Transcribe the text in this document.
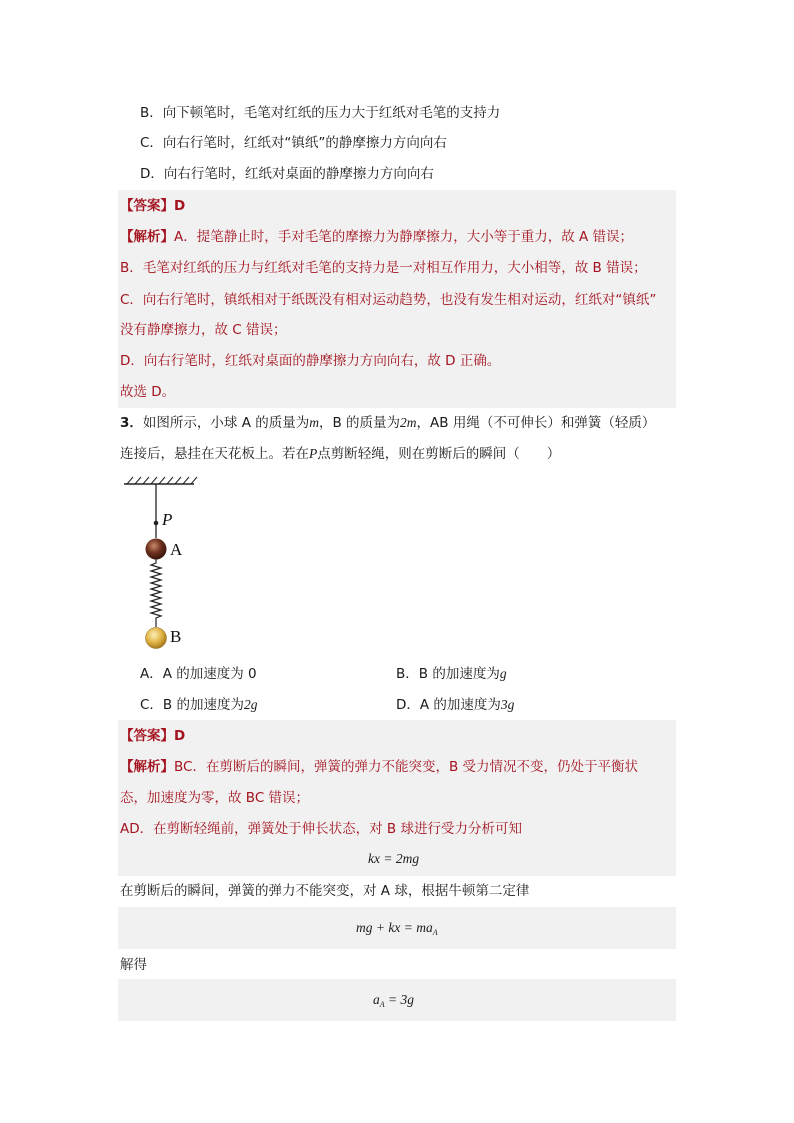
B．向下顿笔时，毛笔对红纸的压力大于红纸对毛笔的支持力
C．向右行笔时，红纸对“镇纸”的静摩擦力方向向右
D．向右行笔时，红纸对桌面的静摩擦力方向向右
【答案】D
【解析】A．提笔静止时，手对毛笔的摩擦力为静摩擦力，大小等于重力，故 A 错误；
B．毛笔对红纸的压力与红纸对毛笔的支持力是一对相互作用力，大小相等，故 B 错误；
C．向右行笔时，镇纸相对于纸既没有相对运动趋势，也没有发生相对运动，红纸对“镇纸”
没有静摩擦力，故 C 错误；
D．向右行笔时，红纸对桌面的静摩擦力方向向右，故 D 正确。
故选 D。
3．如图所示，小球 A 的质量为m，B 的质量为2m，AB 用绳（不可伸长）和弹簧（轻质）
连接后，悬挂在天花板上。若在P点剪断轻绳，则在剪断后的瞬间（　　）
P
A
B
A．A 的加速度为 0	B．B 的加速度为g
C．B 的加速度为2g	D．A 的加速度为3g
【答案】D
【解析】BC．在剪断后的瞬间，弹簧的弹力不能突变，B 受力情况不变，仍处于平衡状
态，加速度为零，故 BC 错误；
AD．在剪断轻绳前，弹簧处于伸长状态，对 B 球进行受力分析可知
kx = 2mg
在剪断后的瞬间，弹簧的弹力不能突变，对 A 球，根据牛顿第二定律
mg + kx = $ma_A$
解得
$a_A = 3g$
